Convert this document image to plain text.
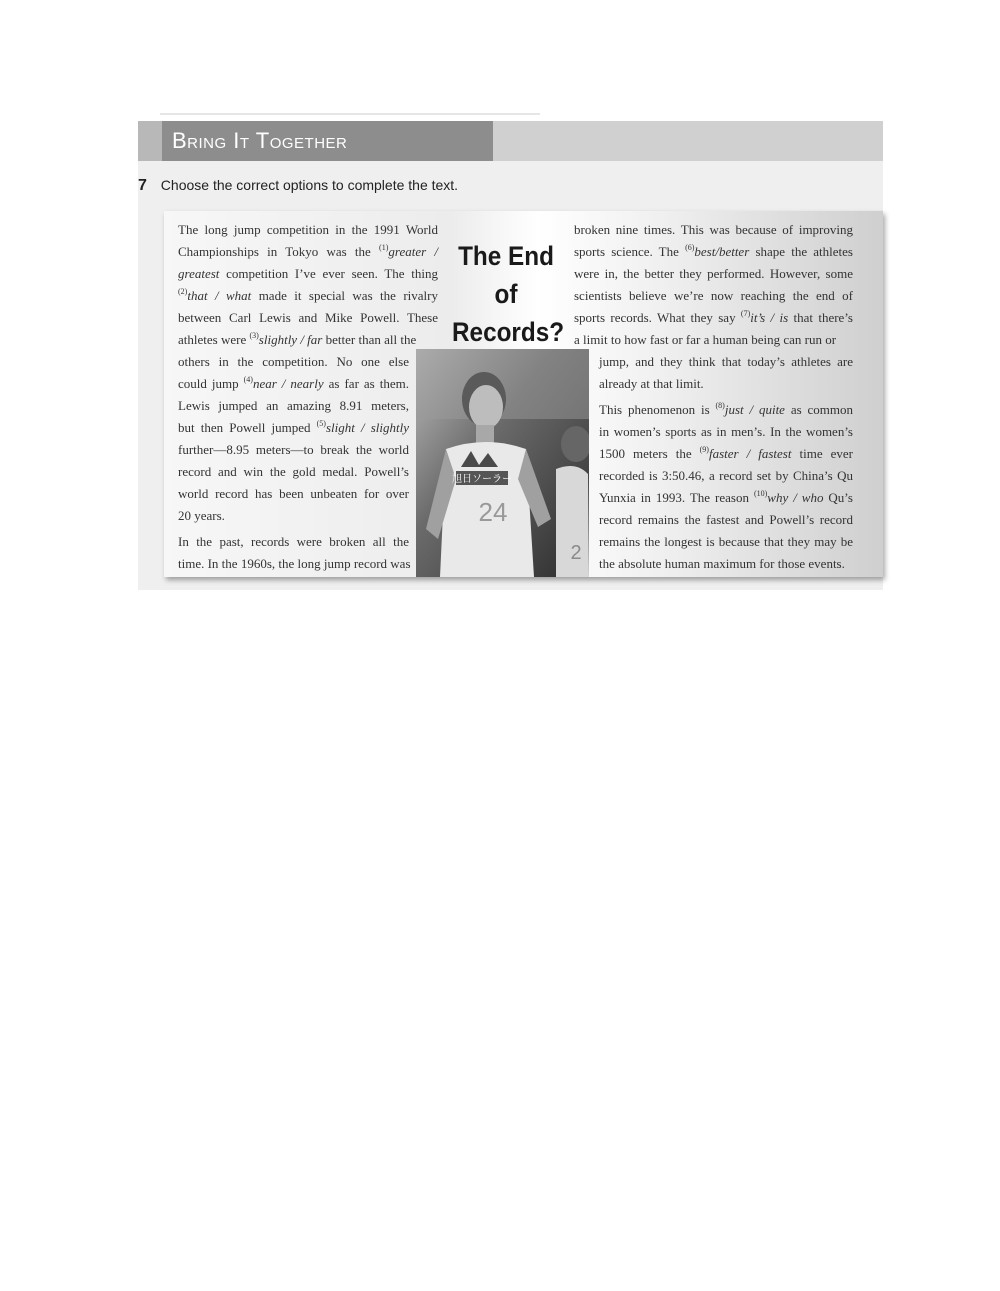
Bring It Together
7 Choose the correct options to complete the text.
The long jump competition in the 1991 World
Championships in Tokyo was the $^{(1)}$greater /
greatest competition I’ve ever seen. The thing
$^{(2)}$that / what made it special was the rivalry
between Carl Lewis and Mike Powell. These
athletes were $^{(3)}$slightly / far better than all the
others in the competition. No one else
could jump $^{(4)}$near / nearly as far as them.
Lewis jumped an amazing 8.91 meters,
but then Powell jumped $^{(5)}$slight / slightly
further—8.95 meters—to break the world
record and win the gold medal. Powell’s
world record has been unbeaten for over
20 years.
In the past, records were broken all the
time. In the 1960s, the long jump record was
The End
of
Records?
broken nine times. This was because of improving
sports science. The $^{(6)}$best/better shape the athletes
were in, the better they performed. However, some
scientists believe we’re now reaching the end of
sports records. What they say $^{(7)}$it’s / is that there’s
a limit to how fast or far a human being can run or
jump, and they think that today’s athletes are
already at that limit.
This phenomenon is $^{(8)}$just / quite as common
in women’s sports as in men’s. In the women’s
1500 meters the $^{(9)}$faster / fastest time ever
recorded is 3:50.46, a record set by China’s Qu
Yunxia in 1993. The reason $^{(10)}$why / who Qu’s
record remains the fastest and Powell’s record
remains the longest is because that they may be
the absolute human maximum for those events.
旭日ソーラー
24
2
